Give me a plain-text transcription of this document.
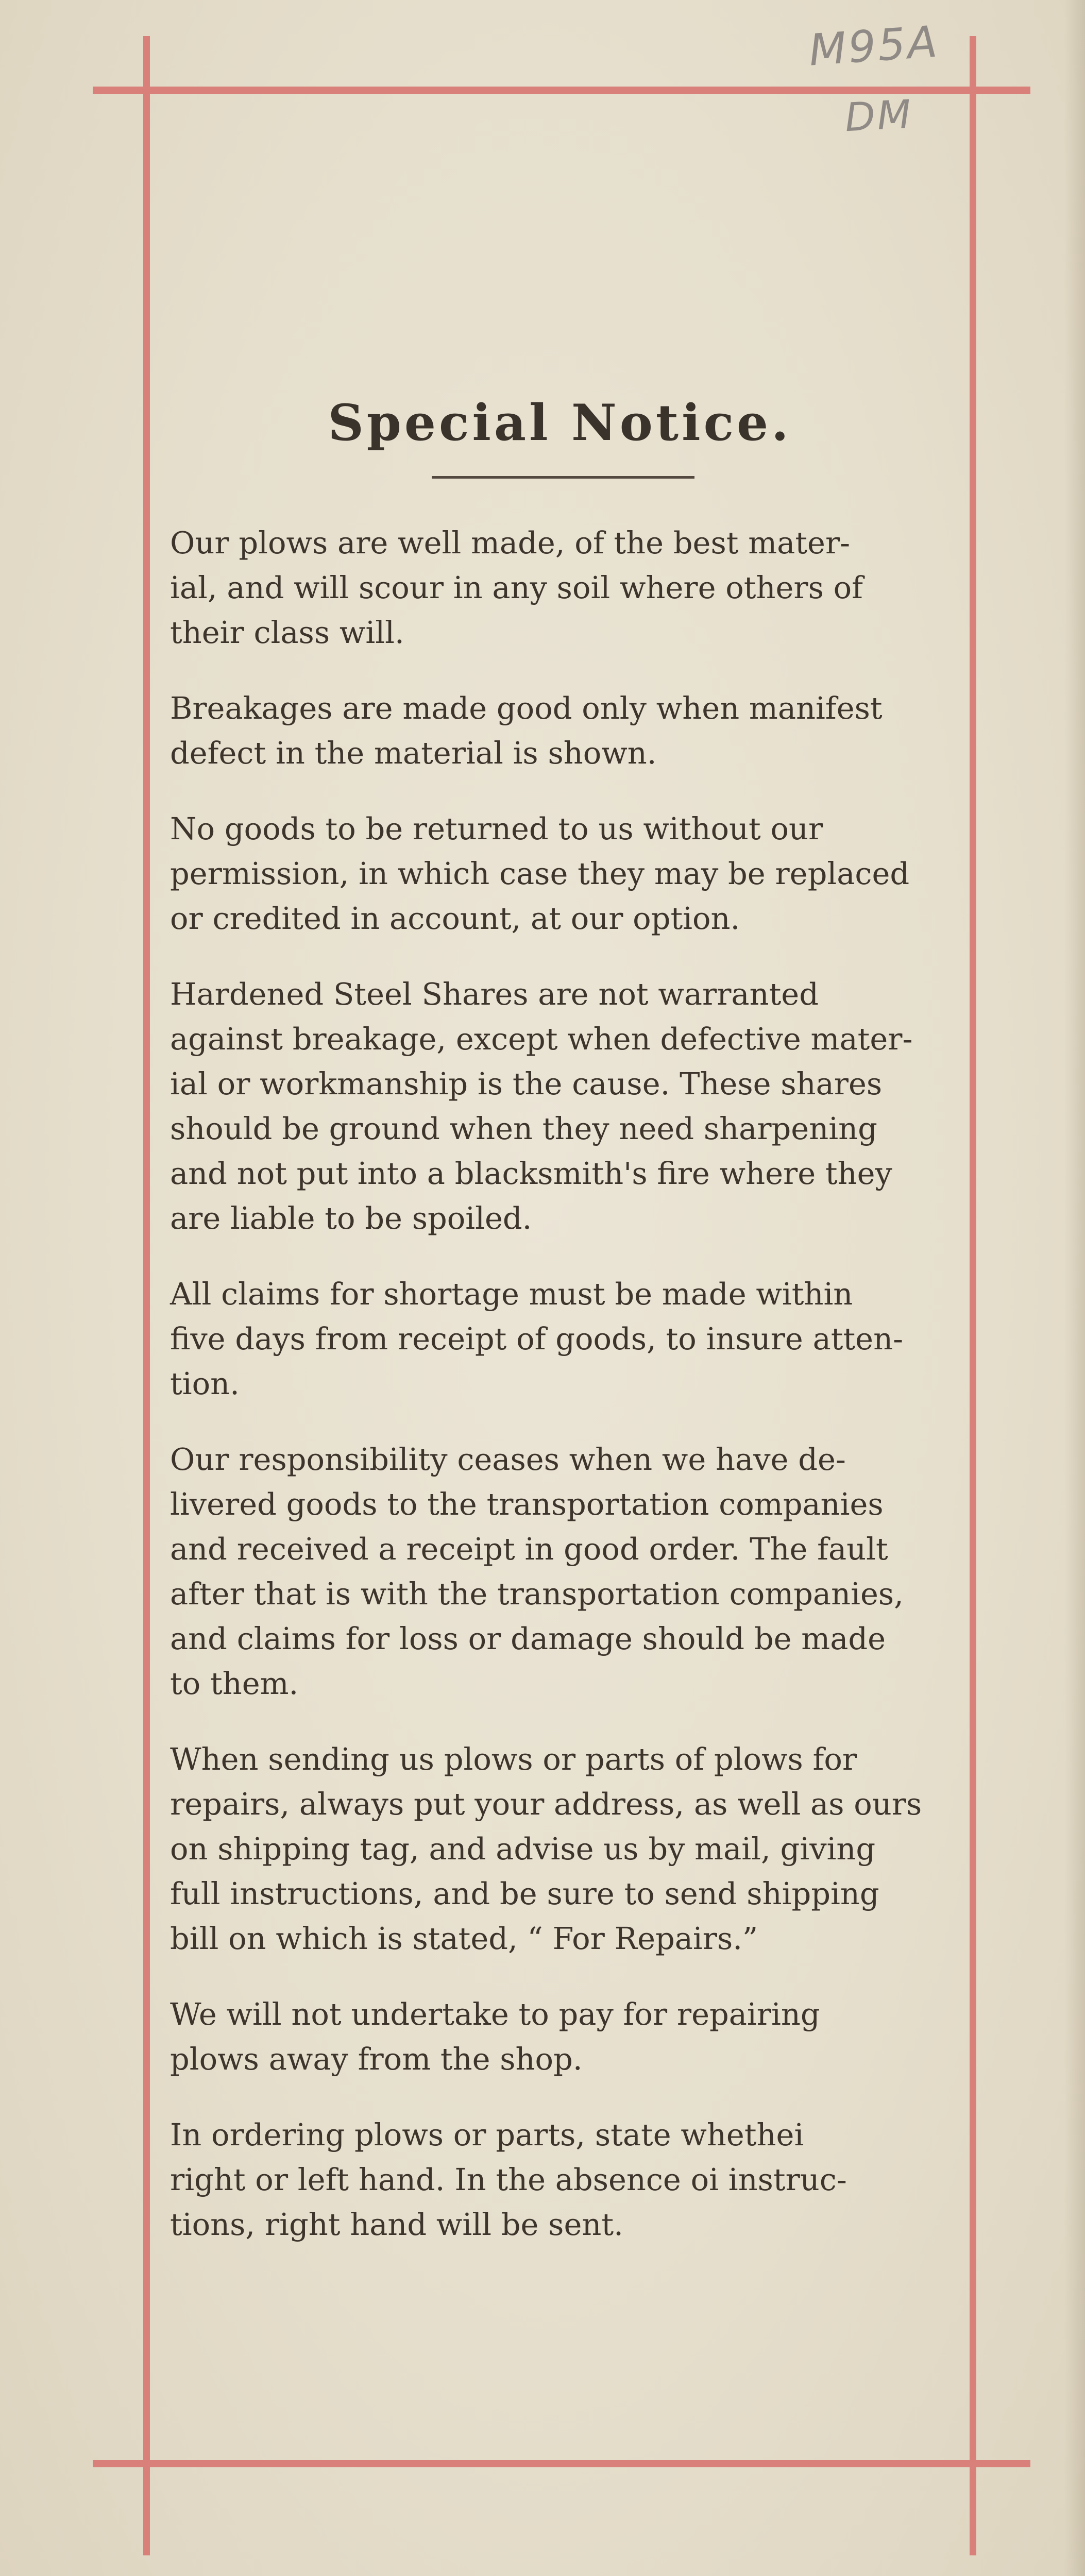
M95A
DM
Special Notice.
Our plows are well made, of the best mater-
ial, and will scour in any soil where others of
their class will.
Breakages are made good only when manifest
defect in the material is shown.
No goods to be returned to us without our
permission, in which case they may be replaced
or credited in account, at our option.
Hardened Steel Shares are not warranted
against breakage, except when defective mater-
ial or workmanship is the cause. These shares
should be ground when they need sharpening
and not put into a blacksmith's fire where they
are liable to be spoiled.
All claims for shortage must be made within
five days from receipt of goods, to insure atten-
tion.
Our responsibility ceases when we have de-
livered goods to the transportation companies
and received a receipt in good order. The fault
after that is with the transportation companies,
and claims for loss or damage should be made
to them.
When sending us plows or parts of plows for
repairs, always put your address, as well as ours
on shipping tag, and advise us by mail, giving
full instructions, and be sure to send shipping
bill on which is stated, “ For Repairs.”
We will not undertake to pay for repairing
plows away from the shop.
In ordering plows or parts, state whethei
right or left hand. In the absence oi instruc-
tions, right hand will be sent.
